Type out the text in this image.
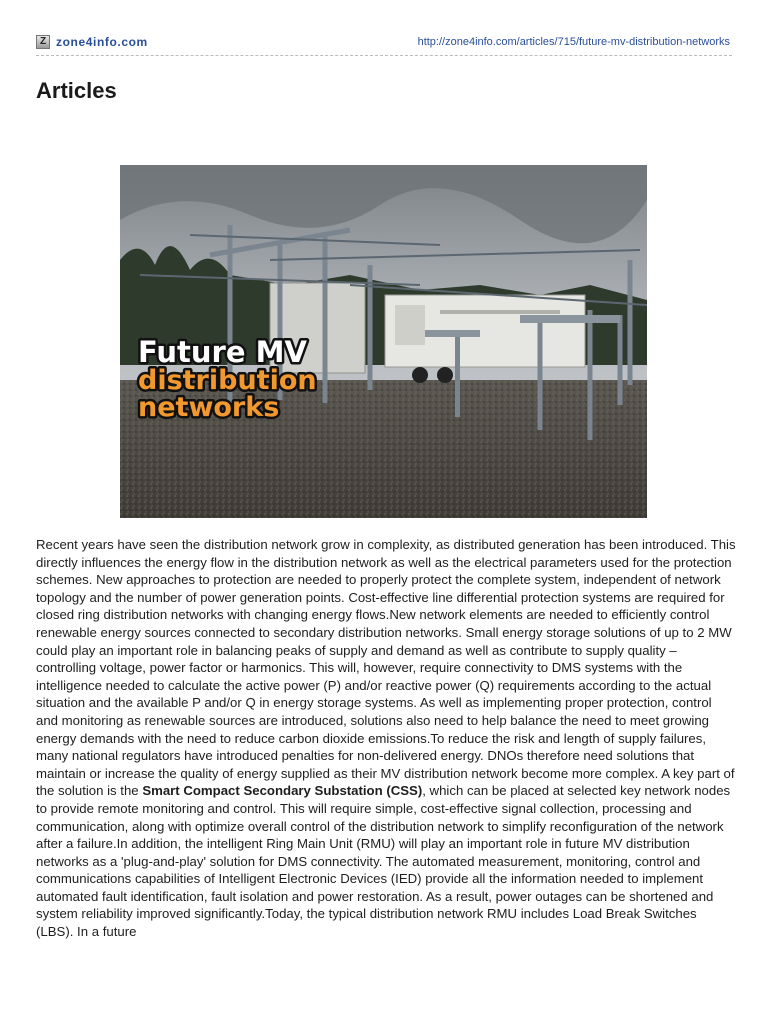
Z zone4info.com	http://zone4info.com/articles/715/future-mv-distribution-networks
Articles
Future MV
distribution
networks

Recent years have seen the distribution network grow in complexity, as distributed generation has been introduced. This directly influences the energy flow in the distribution network as well as the electrical parameters used for the protection schemes. New approaches to protection are needed to properly protect the complete system, independent of network topology and the number of power generation points. Cost-effective line differential protection systems are required for closed ring distribution networks with changing energy flows.New network elements are needed to efficiently control renewable energy sources connected to secondary distribution networks. Small energy storage solutions of up to 2 MW could play an important role in balancing peaks of supply and demand as well as contribute to supply quality – controlling voltage, power factor or harmonics. This will, however, require connectivity to DMS systems with the intelligence needed to calculate the active power (P) and/or reactive power (Q) requirements according to the actual situation and the available P and/or Q in energy storage systems. As well as implementing proper protection, control and monitoring as renewable sources are introduced, solutions also need to help balance the need to meet growing energy demands with the need to reduce carbon dioxide emissions.To reduce the risk and length of supply failures, many national regulators have introduced penalties for non-delivered energy. DNOs therefore need solutions that maintain or increase the quality of energy supplied as their MV distribution network become more complex. A key part of the solution is the Smart Compact Secondary Substation (CSS), which can be placed at selected key network nodes to provide remote monitoring and control. This will require simple, cost-effective signal collection, processing and communication, along with optimize overall control of the distribution network to simplify reconfiguration of the network after a failure.In addition, the intelligent Ring Main Unit (RMU) will play an important role in future MV distribution networks as a 'plug-and-play' solution for DMS connectivity. The automated measurement, monitoring, control and communications capabilities of Intelligent Electronic Devices (IED) provide all the information needed to implement automated fault identification, fault isolation and power restoration. As a result, power outages can be shortened and system reliability improved significantly.Today, the typical distribution network RMU includes Load Break Switches (LBS). In a future
